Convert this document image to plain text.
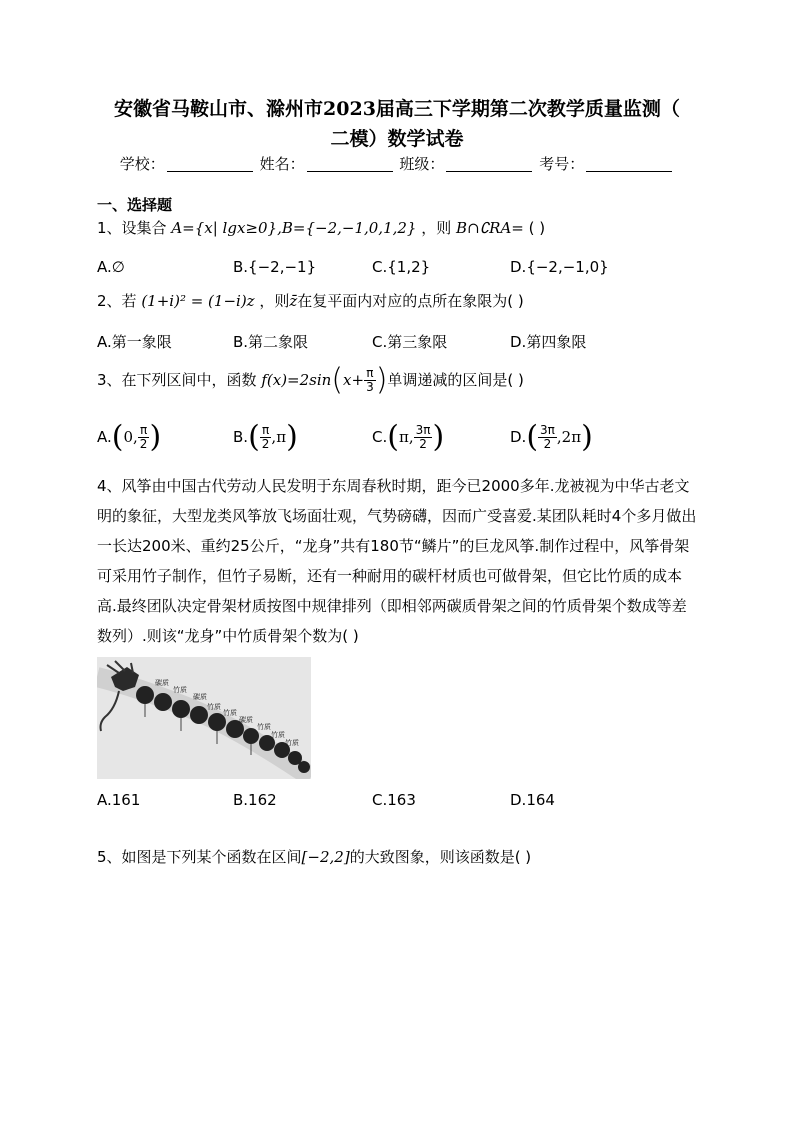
安徽省马鞍山市、滁州市2023届高三下学期第二次教学质量监测（
二模）数学试卷
学校：	姓名：	班级：	考号：
一、选择题
1、设集合 A={x| lgx≥0},B={−2,−1,0,1,2} ，则 B∩∁RA= ( )
A.∅	B.{−2,−1}	C.{1,2}	D.{−2,−1,0}
2、若 (1+i)² = (1−i)z ，则z̄在复平面内对应的点所在象限为( )
A.第一象限	B.第二象限	C.第三象限	D.第四象限
3、在下列区间中，函数 $f(x)=2\sin(x+ \frac{\pi}{3}$ )单调递减的区间是( )
A.(0, $\frac{\pi}{2}$ )	$B.( \frac{\pi}{2} ,\pi)$	C.(π, $\frac{3\pi}{2}$ )	$D.( \frac{3\pi}{2} ,2\pi)$
4、风筝由中国古代劳动人民发明于东周春秋时期，距今已2000多年.龙被视为中华古老文明的象征，大型龙类风筝放飞场面壮观，气势磅礴，因而广受喜爱.某团队耗时4个多月做出一长达200米、重约25公斤，“龙身”共有180节“鳞片”的巨龙风筝.制作过程中，风筝骨架可采用竹子制作，但竹子易断，还有一种耐用的碳杆材质也可做骨架，但它比竹质的成本高.最终团队决定骨架材质按图中规律排列（即相邻两碳质骨架之间的竹质骨架个数成等差数列）.则该“龙身”中竹质骨架个数为( )
碳质
竹质
碳质
竹质
竹质
碳质
竹质
竹质
竹质
A.161	B.162	C.163	D.164
5、如图是下列某个函数在区间[−2,2]的大致图象，则该函数是( )
